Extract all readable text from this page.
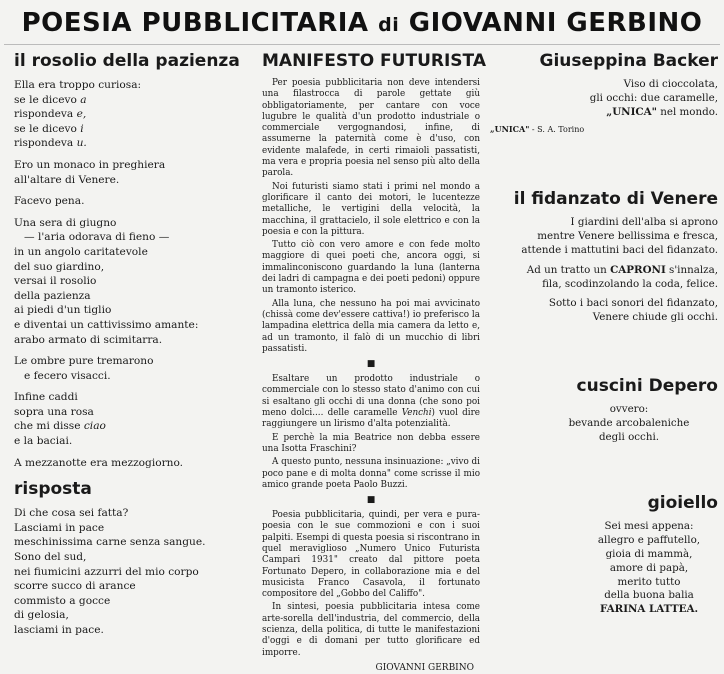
POESIA PUBBLICITARIA di GIOVANNI GERBINO
il rosolio della pazienza

Ella era troppo curiosa:
se le dicevo a
rispondeva e,
se le dicevo i
rispondeva u.

Ero un monaco in preghiera
all'altare di Venere.

Facevo pena.

Una sera di giugno
— l'aria odorava di fieno —
in un angolo caritatevole
del suo giardino,
versai il rosolio
della pazienza
ai piedi d'un tiglio
e diventai un cattivissimo amante:
arabo armato di scimitarra.

Le ombre pure tremarono
e fecero visacci.

Infine caddi
sopra una rosa
che mi disse ciao
e la baciai.

A mezzanotte era mezzogiorno.

risposta

Di che cosa sei fatta?
Lasciami in pace
meschinissima carne senza sangue.
Sono del sud,
nei fiumicini azzurri del mio corpo
scorre succo di arance
commisto a gocce
di gelosia,
lasciami in pace.

MANIFESTO FUTURISTA

Per poesia pubblicitaria non deve intendersi una filastrocca di parole gettate giù obbligatoriamente, per cantare con voce lugubre le qualità d'un prodotto industriale o commerciale vergognandosi, infine, di assumerne la paternità come è d'uso, con evidente malafede, in certi rimaioli passatisti, ma vera e propria poesia nel senso più alto della parola.

Noi futuristi siamo stati i primi nel mondo a glorificare il canto dei motori, le lucentezze metalliche, le vertigini della velocità, la macchina, il grattacielo, il sole elettrico e con la poesia e con la pittura.

Tutto ciò con vero amore e con fede molto maggiore di quei poeti che, ancora oggi, si immalinconiscono guardando la luna (lanterna dei ladri di campagna e dei poeti pedoni) oppure un tramonto isterico.

Alla luna, che nessuno ha poi mai avvicinato (chissà come dev'essere cattiva!) io preferisco la lampadina elettrica della mia camera da letto e, ad un tramonto, il falò di un mucchio di libri passatisti.

■

Esaltare un prodotto industriale o commerciale con lo stesso stato d'animo con cui si esaltano gli occhi di una donna (che sono poi meno dolci.... delle caramelle Venchi) vuol dire raggiungere un lirismo d'alta potenzialità.

E perchè la mia Beatrice non debba essere una Isotta Fraschini?

A questo punto, nessuna insinuazione: „vivo di poco pane e di molta donna" come scrisse il mio amico grande poeta Paolo Buzzi.

■

Poesia pubblicitaria, quindi, per vera e pura-poesia con le sue commozioni e con i suoi palpiti. Esempi di questa poesia si riscontrano in quel meraviglioso „Numero Unico Futurista Campari 1931" creato dal pittore poeta Fortunato Depero, in collaborazione mia e del musicista Franco Casavola, il fortunato compositore del „Gobbo del Califfo".

In sintesi, poesia pubblicitaria intesa come arte-sorella dell'industria, del commercio, della scienza, della politica, di tutte le manifestazioni d'oggi e di domani per tutto glorificare ed imporre.

GIOVANNI GERBINO
Giuseppina Backer

Viso di cioccolata,
gli occhi: due caramelle,
„UNICA" nel mondo.

„UNICA" - S. A. Torino
il fidanzato di Venere

I giardini dell'alba si aprono
mentre Venere bellissima e fresca,
attende i mattutini baci del fidanzato.

Ad un tratto un CAPRONI s'innalza,
fila, scodinzolando la coda, felice.

Sotto i baci sonori del fidanzato,
Venere chiude gli occhi.

cuscini Depero

ovvero:
bevande arcobaleniche
degli occhi.

gioiello

Sei mesi appena:
allegro e paffutello,
gioia di mammà,
amore di papà,
merito tutto
della buona balia
FARINA LATTEA.
